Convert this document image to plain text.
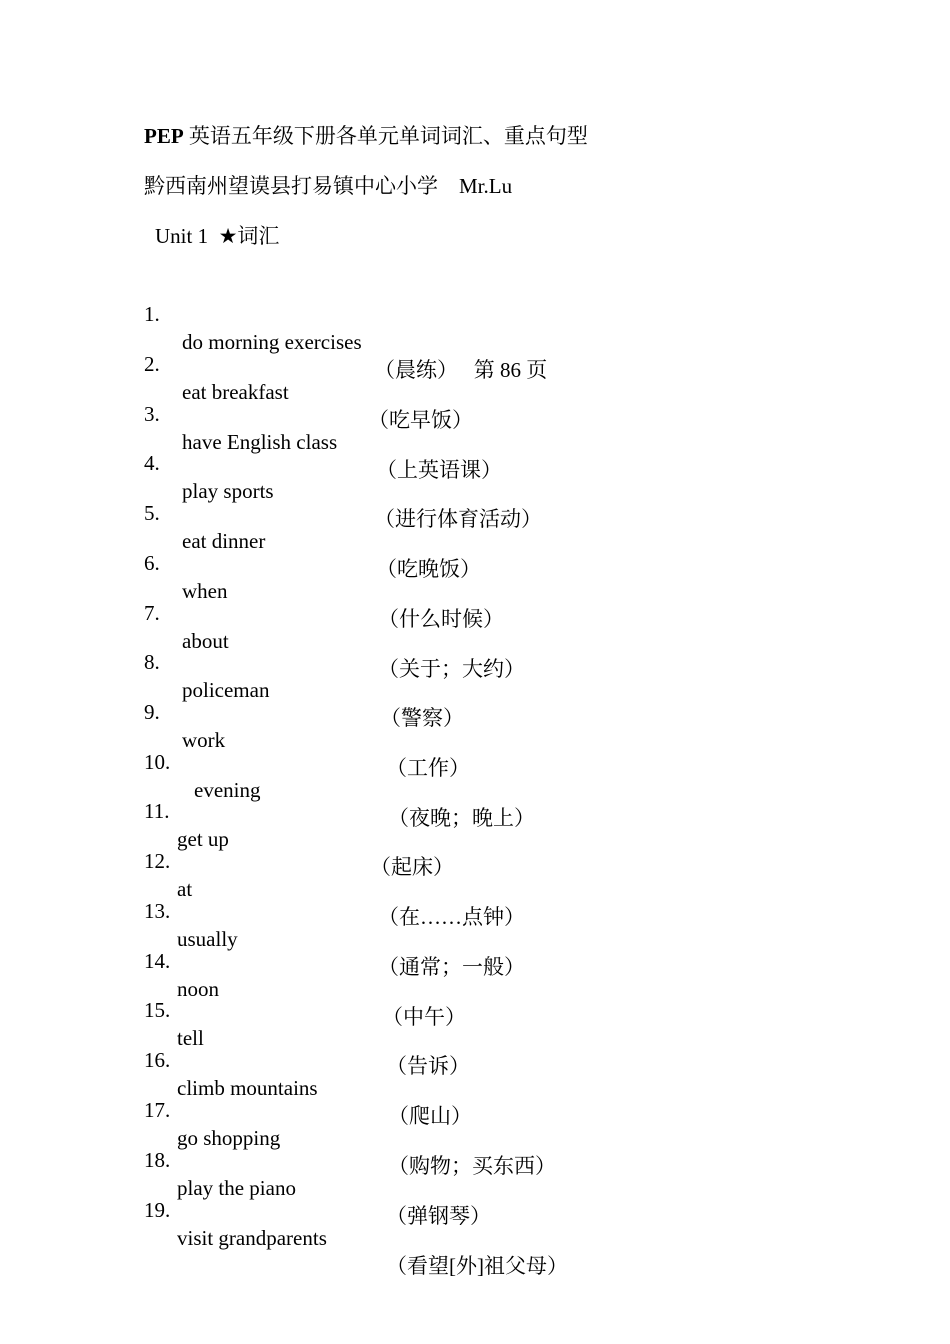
PEP 英语五年级下册各单元单词词汇、重点句型
黔西南州望谟县打易镇中心小学    Mr.Lu
Unit 1  ★词汇

1.

do morning exercises

（晨练）   第 86 页

2.

eat breakfast

（吃早饭）

3.

have English class

（上英语课）

4.

play sports

（进行体育活动）

5.

eat dinner

（吃晚饭）

6.

when

（什么时候）

7.

about

（关于；大约）

8.

policeman

（警察）

9.

work

（工作）

10.

evening

（夜晚；晚上）

11.

get up

（起床）

12.

at

（在……点钟）

13.

usually

（通常；一般）

14.

noon

（中午）

15.

tell

（告诉）

16.

climb mountains

（爬山）

17.

go shopping

（购物；买东西）

18.

play the piano

（弹钢琴）

19.

visit grandparents

（看望[外]祖父母）
